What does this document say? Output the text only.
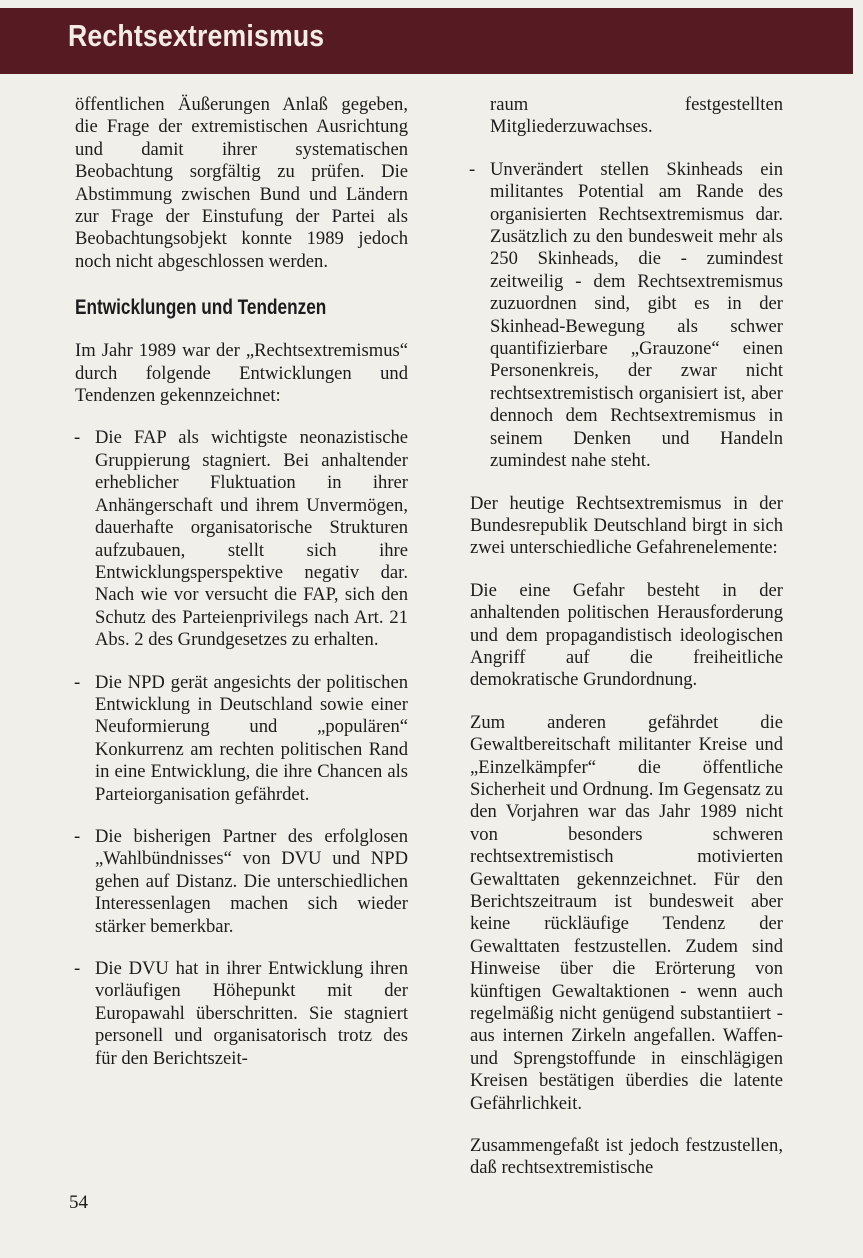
Rechtsextremismus

öffentlichen Äußerungen Anlaß gegeben, die Frage der extremistischen Ausrichtung und damit ihrer systematischen Beobachtung sorgfältig zu prüfen. Die Abstimmung zwischen Bund und Ländern zur Frage der Einstufung der Partei als Beobachtungsobjekt konnte 1989 jedoch noch nicht abgeschlossen werden.

Entwicklungen und Tendenzen

Im Jahr 1989 war der „Rechtsextremismus“ durch folgende Entwicklungen und Tendenzen gekennzeichnet:

- Die FAP als wichtigste neonazistische Gruppierung stagniert. Bei anhaltender erheblicher Fluktuation in ihrer Anhängerschaft und ihrem Unvermögen, dauerhafte organisatorische Strukturen aufzubauen, stellt sich ihre Entwicklungsperspektive negativ dar. Nach wie vor versucht die FAP, sich den Schutz des Parteienprivilegs nach Art. 21 Abs. 2 des Grundgesetzes zu erhalten.
- Die NPD gerät angesichts der politischen Entwicklung in Deutschland sowie einer Neuformierung und „populären“ Konkurrenz am rechten politischen Rand in eine Entwicklung, die ihre Chancen als Parteiorganisation gefährdet.
- Die bisherigen Partner des erfolglosen „Wahlbündnisses“ von DVU und NPD gehen auf Distanz. Die unterschiedlichen Interessenlagen machen sich wieder stärker bemerkbar.
- Die DVU hat in ihrer Entwicklung ihren vorläufigen Höhepunkt mit der Europawahl überschritten. Sie stagniert personell und organisatorisch trotz des für den Berichtszeit-
raum festgestellten Mitgliederzuwachses.
- Unverändert stellen Skinheads ein militantes Potential am Rande des organisierten Rechtsextremismus dar. Zusätzlich zu den bundesweit mehr als 250 Skinheads, die - zumindest zeitweilig - dem Rechtsextremismus zuzuordnen sind, gibt es in der Skinhead-Bewegung als schwer quantifizierbare „Grauzone“ einen Personenkreis, der zwar nicht rechtsextremistisch organisiert ist, aber dennoch dem Rechtsextremismus in seinem Denken und Handeln zumindest nahe steht.

Der heutige Rechtsextremismus in der Bundesrepublik Deutschland birgt in sich zwei unterschiedliche Gefahrenelemente:

Die eine Gefahr besteht in der anhaltenden politischen Herausforderung und dem propagandistisch ideologischen Angriff auf die freiheitliche demokratische Grundordnung.

Zum anderen gefährdet die Gewaltbereitschaft militanter Kreise und „Einzelkämpfer“ die öffentliche Sicherheit und Ordnung. Im Gegensatz zu den Vorjahren war das Jahr 1989 nicht von besonders schweren rechtsextremistisch motivierten Gewalttaten gekennzeichnet. Für den Berichtszeitraum ist bundesweit aber keine rückläufige Tendenz der Gewalttaten festzustellen. Zudem sind Hinweise über die Erörterung von künftigen Gewaltaktionen - wenn auch regelmäßig nicht genügend substantiiert - aus internen Zirkeln angefallen. Waffen- und Sprengstoffunde in einschlägigen Kreisen bestätigen überdies die latente Gefährlichkeit.

Zusammengefaßt ist jedoch festzustellen, daß rechtsextremistische

54
